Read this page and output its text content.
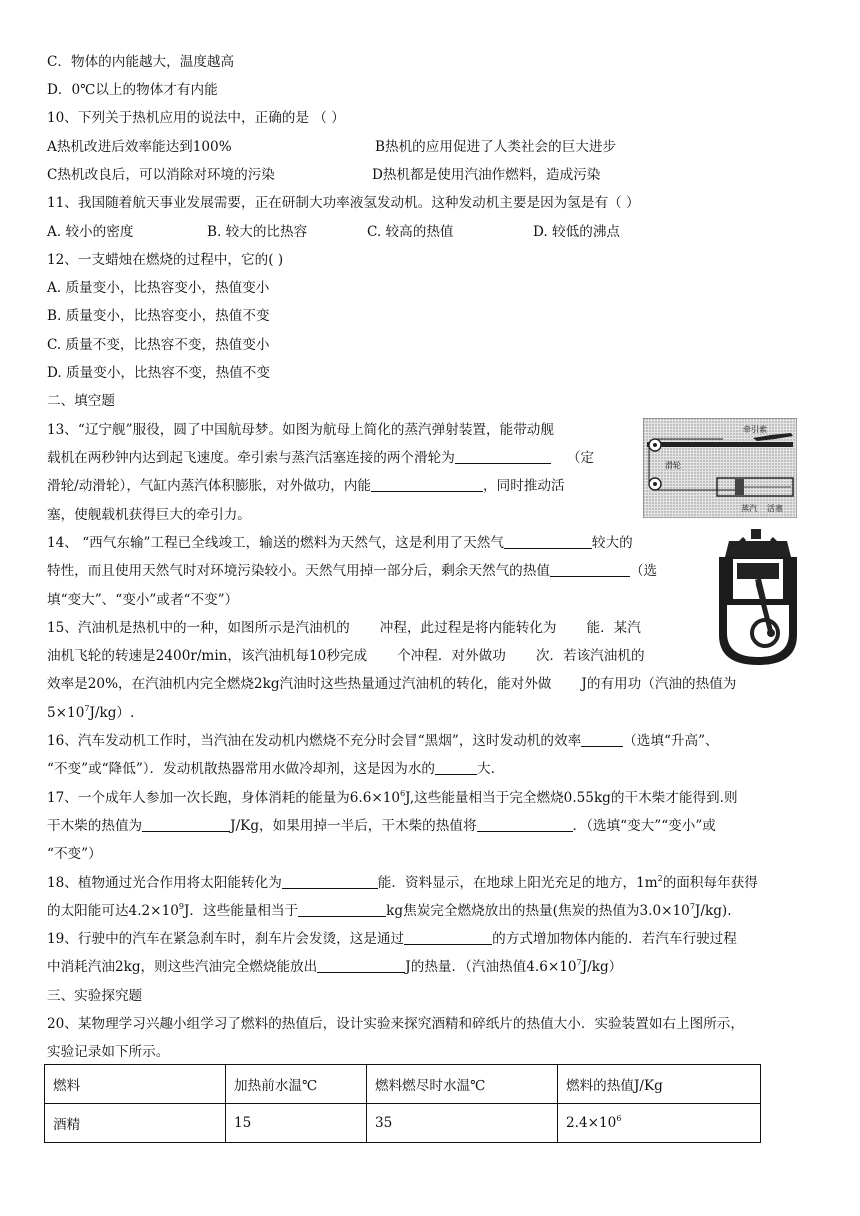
C．物体的内能越大，温度越高
D．0℃以上的物体才有内能
10、下列关于热机应用的说法中，正确的是 （ ）
A热机改进后效率能达到100%	B热机的应用促进了人类社会的巨大进步
C热机改良后，可以消除对环境的污染	D热机都是使用汽油作燃料，造成污染
11、我国随着航天事业发展需要，正在研制大功率液氢发动机。这种发动机主要是因为氢是有（ ）
A. 较小的密度	B. 较大的比热容	C. 较高的热值	D. 较低的沸点
12、一支蜡烛在燃烧的过程中，它的( )
A. 质量变小，比热容变小，热值变小
B. 质量变小，比热容变小，热值不变
C. 质量不变，比热容不变，热值变小
D. 质量变小，比热容不变，热值不变
二、填空题
13、“辽宁舰”服役，圆了中国航母梦。如图为航母上简化的蒸汽弹射装置，能带动舰
载机在两秒钟内达到起飞速度。牵引索与蒸汽活塞连接的两个滑轮为	（定
滑轮/动滑轮），气缸内蒸汽体积膨胀，对外做功，内能	，同时推动活
塞，使舰载机获得巨大的牵引力。
牵引索
滑轮
蒸汽 活塞
14、 “西气东输”工程已全线竣工，输送的燃料为天然气，这是利用了天然气	较大的
特性，而且使用天然气时对环境污染较小。天然气用掉一部分后，剩余天然气的热值	（选
填“变大”、“变小”或者“不变”）
15、汽油机是热机中的一种，如图所示是汽油机的 冲程，此过程是将内能转化为 能．某汽
油机飞轮的转速是2400r/min，该汽油机每10秒完成 个冲程．对外做功 次．若该汽油机的
效率是20%，在汽油机内完全燃烧2kg汽油时这些热量通过汽油机的转化，能对外做 J的有用功（汽油的热值为
$5\times 10^7J/kg$）.
16、汽车发动机工作时，当汽油在发动机内燃烧不充分时会冒“黑烟”，这时发动机的效率	（选填“升高”、
“不变”或“降低”）．发动机散热器常用水做冷却剂，这是因为水的	大.
17、一个成年人参加一次长跑，身体消耗的能量为$6.6\times 10^6J$,这些能量相当于完全燃烧0.55kg的干木柴才能得到.则
干木柴的热值为	J/Kg，如果用掉一半后，干木柴的热值将	．（选填“变大”“变小”或
“不变”）
18、植物通过光合作用将太阳能转化为	能．资料显示，在地球上阳光充足的地方，$1m^2$的面积每年获得
的太阳能可达$4.2\times 10^9J$．这些能量相当于	kg焦炭完全燃烧放出的热量(焦炭的热值为$3.0\times 10^7J/kg$).
19、行驶中的汽车在紧急刹车时，刹车片会发烫，这是通过	的方式增加物体内能的．若汽车行驶过程
中消耗汽油2kg，则这些汽油完全燃烧能放出	J的热量．（汽油热值$4.6\times 10^7J/kg$）
三、实验探究题
20、某物理学习兴趣小组学习了燃料的热值后，设计实验来探究酒精和碎纸片的热值大小．实验装置如右上图所示，
实验记录如下所示。
燃料	加热前水温℃	燃料燃尽时水温℃	燃料的热值J/Kg
酒精	15	35	$2.4\times 10^6$
